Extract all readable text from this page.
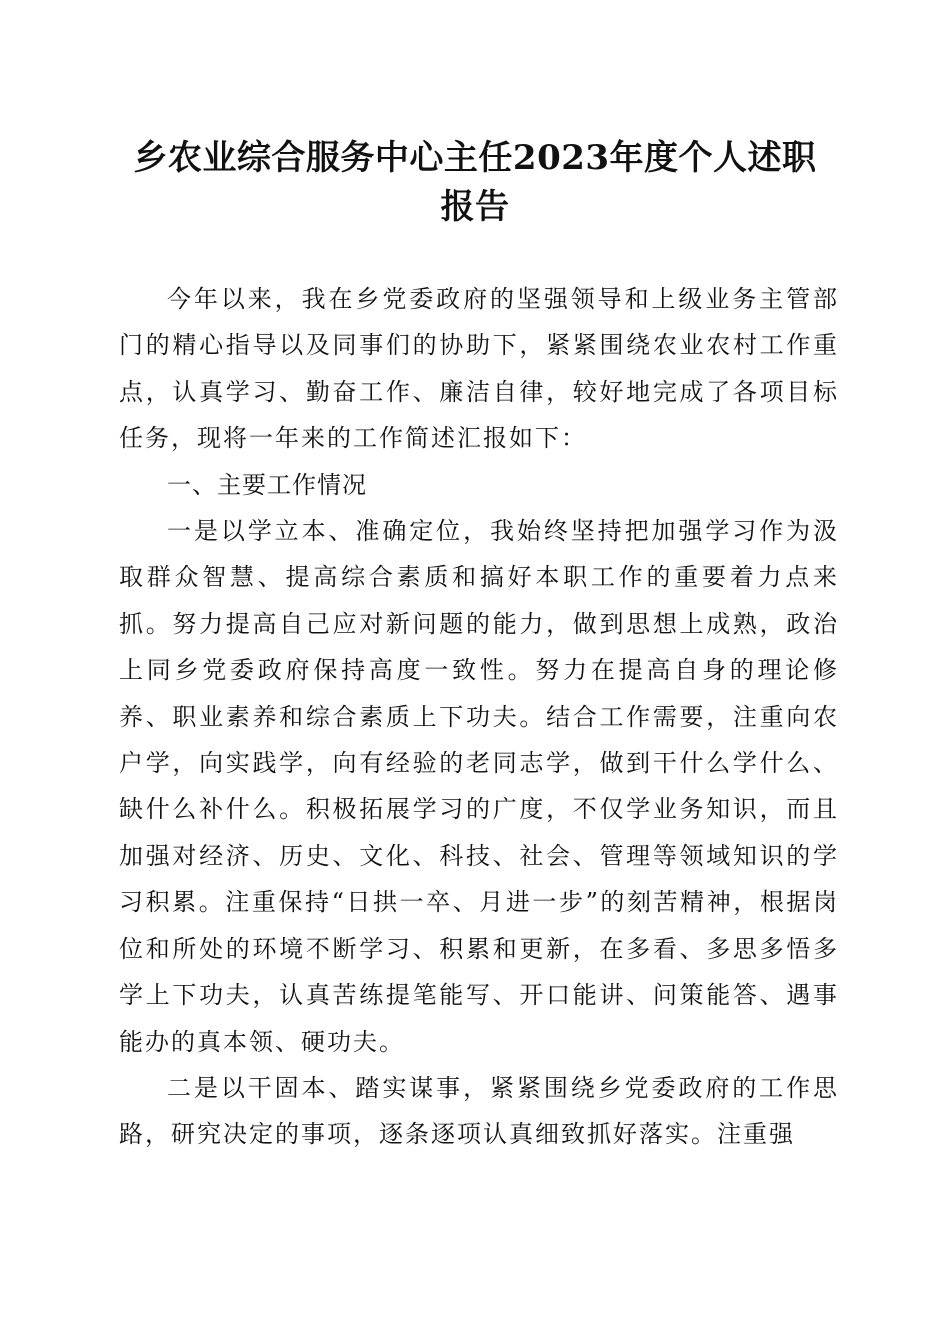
乡农业综合服务中心主任2023年度个人述职
报告

今年以来，我在乡党委政府的坚强领导和上级业务主管部门的精心指导以及同事们的协助下，紧紧围绕农业农村工作重点，认真学习、勤奋工作、廉洁自律，较好地完成了各项目标任务，现将一年来的工作简述汇报如下：

一、主要工作情况

一是以学立本、准确定位，我始终坚持把加强学习作为汲取群众智慧、提高综合素质和搞好本职工作的重要着力点来抓。努力提高自己应对新问题的能力，做到思想上成熟，政治上同乡党委政府保持高度一致性。努力在提高自身的理论修养、职业素养和综合素质上下功夫。结合工作需要，注重向农户学，向实践学，向有经验的老同志学，做到干什么学什么、缺什么补什么。积极拓展学习的广度，不仅学业务知识，而且加强对经济、历史、文化、科技、社会、管理等领域知识的学习积累。注重保持“日拱一卒、月进一步”的刻苦精神，根据岗位和所处的环境不断学习、积累和更新，在多看、多思多悟多学上下功夫，认真苦练提笔能写、开口能讲、问策能答、遇事能办的真本领、硬功夫。

二是以干固本、踏实谋事，紧紧围绕乡党委政府的工作思路，研究决定的事项，逐条逐项认真细致抓好落实。注重强
